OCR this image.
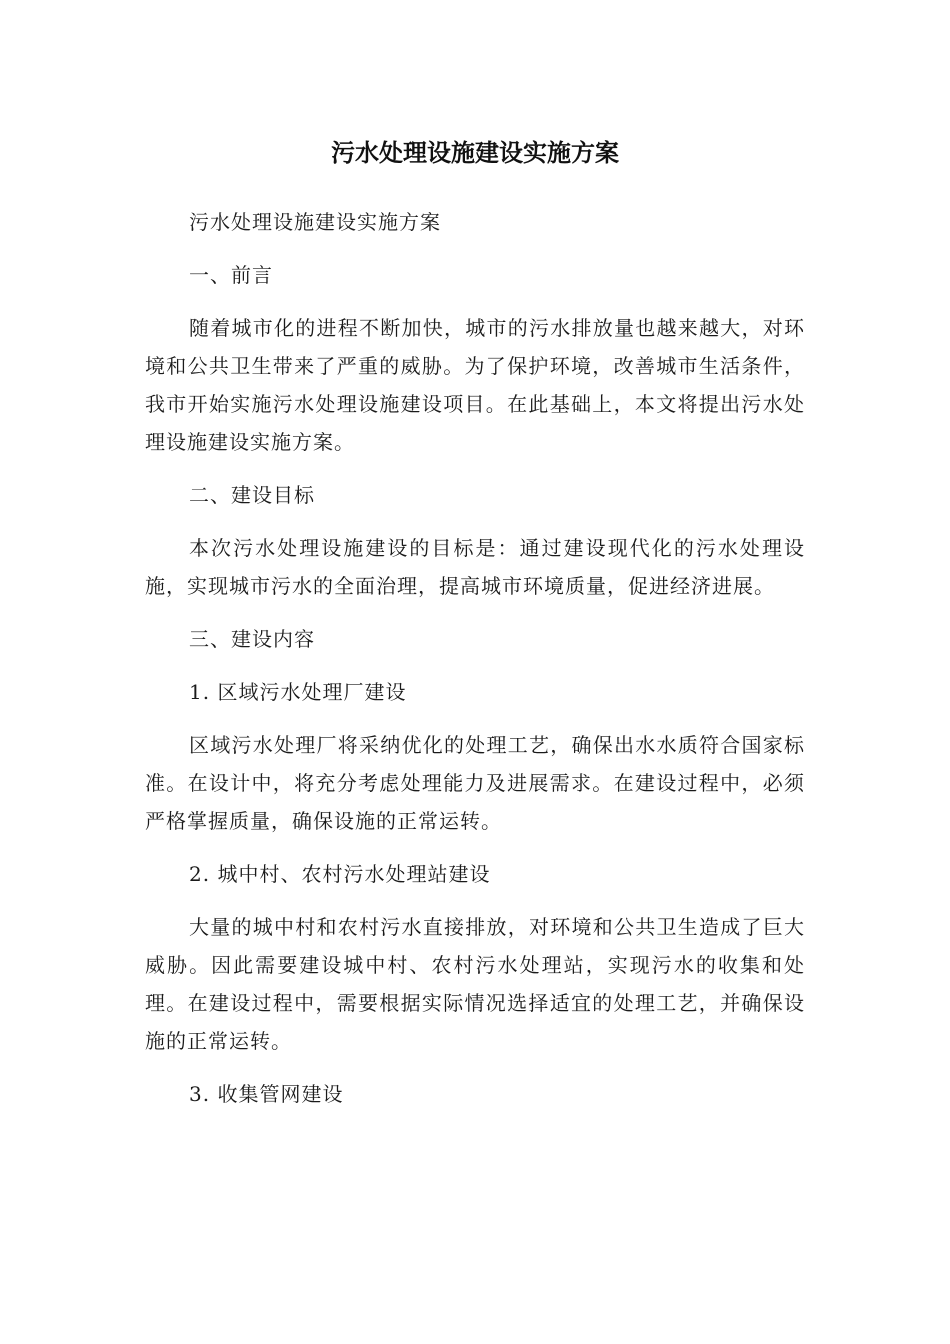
污水处理设施建设实施方案

污水处理设施建设实施方案

一、前言

随着城市化的进程不断加快，城市的污水排放量也越来越大，对环境和公共卫生带来了严重的威胁。为了保护环境，改善城市生活条件，我市开始实施污水处理设施建设项目。在此基础上，本文将提出污水处理设施建设实施方案。

二、建设目标

本次污水处理设施建设的目标是：通过建设现代化的污水处理设施，实现城市污水的全面治理，提高城市环境质量，促进经济进展。

三、建设内容

1. 区域污水处理厂建设

区域污水处理厂将采纳优化的处理工艺，确保出水水质符合国家标准。在设计中，将充分考虑处理能力及进展需求。在建设过程中，必须严格掌握质量，确保设施的正常运转。

2. 城中村、农村污水处理站建设

大量的城中村和农村污水直接排放，对环境和公共卫生造成了巨大威胁。因此需要建设城中村、农村污水处理站，实现污水的收集和处理。在建设过程中，需要根据实际情况选择适宜的处理工艺，并确保设施的正常运转。

3. 收集管网建设
